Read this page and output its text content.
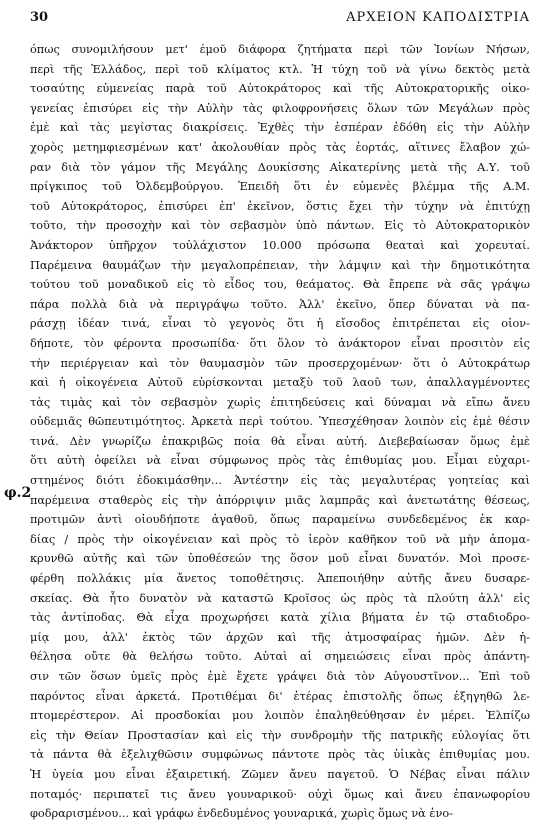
30	ΑΡΧΕΙΟΝ ΚΑΠΟΔΙΣΤΡΙΑ
φ.2
όπως συνομιλήσουν μετ' έμοῦ διάφορα ζητήματα περὶ τῶν Ἰονίων Νήσων,
περὶ τῆς Ἑλλάδος, περὶ τοῦ κλίματος κτλ. Ἡ τύχη τοῦ νὰ γίνω δεκτὸς μετὰ
τοσαύτης εὐμενείας παρὰ τοῦ Αὐτοκράτορος καὶ τῆς Αὐτοκρατορικῆς οἰκο-
γενείας ἐπισύρει εἰς τὴν Αὐλὴν τὰς φιλοφρονήσεις ὅλων τῶν Μεγάλων πρὸς
ἐμὲ καὶ τὰς μεγίστας διακρίσεις. Ἐχθὲς τὴν ἑσπέραν ἐδόθη εἰς τὴν Αὐλὴν
χορὸς μετημφιεσμένων κατ' ἀκολουθίαν πρὸς τὰς ἑορτάς, αἵτινες ἔλαβον χώ-
ραν διὰ τὸν γάμον τῆς Μεγάλης Δουκίσσης Αἰκατερίνης μετὰ τῆς Α.Υ. τοῦ
πρίγκιπος τοῦ Ὀλδεμβούργου. Ἐπειδὴ ὅτι ἐν εὐμενὲς βλέμμα τῆς Α.Μ.
τοῦ Αὐτοκράτορος, ἐπισύρει ἐπ' ἐκεῖνον, ὅστις ἔχει τὴν τύχην νὰ ἐπιτύχῃ
τοῦτο, τὴν προσοχὴν καὶ τὸν σεβασμὸν ὑπὸ πάντων. Εἰς τὸ Αὐτοκρατορικὸν
Ἀνάκτορον ὑπῆρχον τοὐλάχιστον 10.000 πρόσωπα θεαταὶ καὶ χορευταί.
Παρέμεινα θαυμάζων τὴν μεγαλοπρέπειαν, τὴν λάμψιν καὶ τὴν δημοτικότητα
τούτου τοῦ μοναδικοῦ εἰς τὸ εἶδος του, θεάματος. Θὰ ἔπρεπε νὰ σᾶς γράψω
πάρα πολλὰ διὰ νὰ περιγράψω τοῦτο. Ἀλλ' ἐκεῖνο, ὅπερ δύναται νὰ πα-
ράσχῃ ἰδέαν τινά, εἶναι τὸ γεγονὸς ὅτι ἡ εἴσοδος ἐπιτρέπεται εἰς οἱον-
δήποτε, τὸν φέροντα προσωπίδα· ὅτι ὅλον τὸ ἀνάκτορον εἶναι προσιτὸν εἰς
τὴν περιέργειαν καὶ τὸν θαυμασμὸν τῶν προσερχομένων· ὅτι ὁ Αὐτοκράτωρ
καὶ ἡ οἰκογένεια Αὐτοῦ εὑρίσκονται μεταξὺ τοῦ λαοῦ των, ἀπαλλαγμένοντες
τὰς τιμὰς καὶ τὸν σεβασμὸν χωρὶς ἐπιτηδεύσεις καὶ δύναμαι νὰ εἴπω ἄνευ
οὐδεμιᾶς θῶπευτιμότητος. Ἀρκετὰ περὶ τούτου. Ὑπεσχέθησαν λοιπὸν εἰς ἐμὲ θέσιν
τινά. Δὲν γνωρίζω ἐπακριβῶς ποία θὰ εἶναι αὐτή. Διεβεβαίωσαν ὅμως ἐμὲ
ὅτι αὐτὴ ὀφείλει νὰ εἶναι σύμφωνος πρὸς τὰς ἐπιθυμίας μου. Εἶμαι εὐχαρι-
στημένος διότι ἐδοκιμάσθην... Ἀντέστην εἰς τὰς μεγαλυτέρας γοητείας καὶ
παρέμεινα σταθερὸς εἰς τὴν ἀπόρριψιν μιᾶς λαμπρᾶς καὶ ἀνετωτάτης θέσεως,
προτιμῶν ἀντὶ οἱουδήποτε ἀγαθοῦ, ὅπως παραμείνω συνδεδεμένος ἐκ καρ-
δίας / πρὸς τὴν οἰκογένειαν καὶ πρὸς τὸ ἱερὸν καθῆκον τοῦ νὰ μὴν ἀπομα-
κρυνθῶ αὐτῆς καὶ τῶν ὑποθέσεών της ὅσον μοῦ εἶναι δυνατόν. Μοὶ προσε-
φέρθη πολλάκις μία ἄνετος τοποθέτησις. Ἀπεποιήθην αὐτῆς ἄνευ δυσαρε-
σκείας. Θὰ ἦτο δυνατὸν νὰ καταστῶ Κροῖσος ὡς πρὸς τὰ πλούτη ἀλλ' εἰς
τὰς ἀντίποδας. Θὰ εἶχα προχωρήσει κατὰ χίλια βήματα ἐν τῷ σταδιοδρο-
μίᾳ μου, ἀλλ' ἐκτὸς τῶν ἀρχῶν καὶ τῆς ἀτμοσφαίρας ἡμῶν. Δὲν ἠ-
θέλησα οὔτε θὰ θελήσω τοῦτο. Αὐταὶ αἱ σημειώσεις εἶναι πρὸς ἀπάντη-
σιν τῶν ὅσων ὑμεῖς πρὸς ἐμὲ ἔχετε γράψει διὰ τὸν Αὐγουστῖνον... Ἐπὶ τοῦ
παρόντος εἶναι ἀρκετά. Προτιθέμαι δι' ἑτέρας ἐπιστολῆς ὅπως ἐξηγηθῶ λε-
πτομερέστερον. Αἱ προσδοκίαι μου λοιπὸν ἐπαληθεύθησαν ἐν μέρει. Ἐλπίζω
εἰς τὴν Θείαν Προστασίαν καὶ εἰς τὴν συνδρομὴν τῆς πατρικῆς εὐλογίας ὅτι
τὰ πάντα θὰ ἐξελιχθῶσιν συμφώνως πάντοτε πρὸς τὰς ὑἱικὰς ἐπιθυμίας μου.
Ἡ ὑγεία μου εἶναι ἐξαιρετική. Ζῶμεν ἄνευ παγετοῦ. Ὁ Νέβας εἶναι πάλιν
ποταμός· περιπατεῖ τις ἄνευ γουναρικοῦ· οὐχὶ ὅμως καὶ ἄνευ ἐπανωφορίου
φοδραρισμένου... καὶ γράφω ἐνδεδυμένος γουναρικά, χωρὶς ὅμως νὰ ἐνο-
